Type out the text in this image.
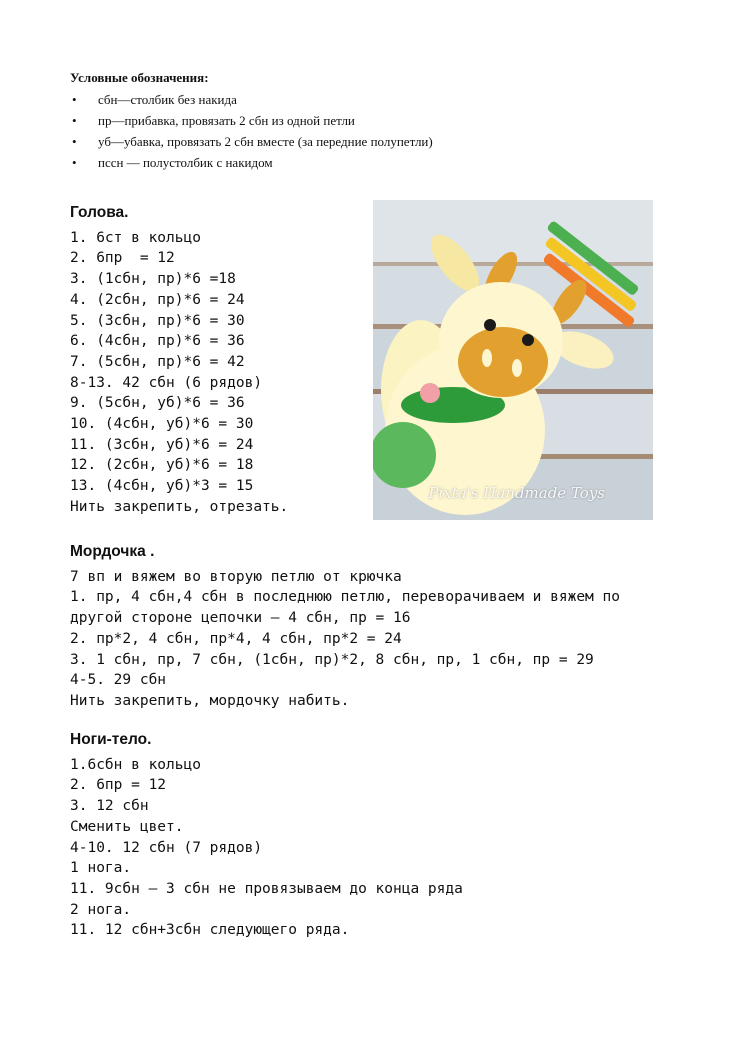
Условные обозначения:
• сбн—столбик без накида
• пр—прибавка, провязать 2 сбн из одной петли
• уб—убавка, провязать 2 сбн вместе (за передние полупетли)
• пссн — полустолбик с накидом
Голова.
1. 6ст в кольцо
2. 6пр  = 12
3. (1сбн, пр)*6 =18
4. (2сбн, пр)*6 = 24
5. (3сбн, пр)*6 = 30
6. (4сбн, пр)*6 = 36
7. (5сбн, пр)*6 = 42
8-13. 42 сбн (6 рядов)
9. (5сбн, уб)*6 = 36
10. (4сбн, уб)*6 = 30
11. (3сбн, уб)*6 = 24
12. (2сбн, уб)*6 = 18
13. (4сбн, уб)*3 = 15
Нить закрепить, отрезать.
Pixta's Handmade Toys
Мордочка .
7 вп и вяжем во вторую петлю от крючка
1. пр, 4 сбн,4 сбн в последнюю петлю, переворачиваем и вяжем по
другой стороне цепочки — 4 сбн, пр = 16
2. пр*2, 4 сбн, пр*4, 4 сбн, пр*2 = 24
3. 1 сбн, пр, 7 сбн, (1сбн, пр)*2, 8 сбн, пр, 1 сбн, пр = 29
4-5. 29 сбн
Нить закрепить, мордочку набить.
Ноги-тело.
1.6сбн в кольцо
2. 6пр = 12
3. 12 сбн
Сменить цвет.
4-10. 12 сбн (7 рядов)
1 нога.
11. 9сбн — 3 сбн не провязываем до конца ряда
2 нога.
11. 12 сбн+3сбн следующего ряда.
